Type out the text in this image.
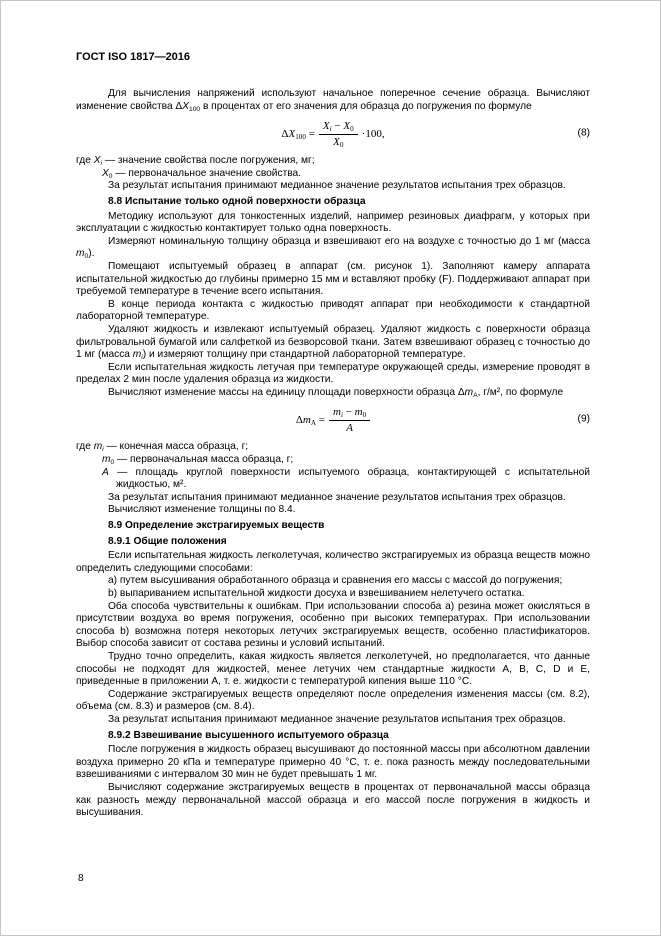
ГОСТ ISO 1817—2016

Для вычисления напряжений используют начальное поперечное сечение образца. Вычисляют изменение свойства $\Delta X_{100}$ в процентах от его значения для образца до погружения по формуле

$\Delta X_{100} = \frac{X_i - X_0}{X_0} \cdot 100$,	(8)
где $X_i$ — значение свойства после погружения, мг;
$X_0$ — первоначальное значение свойства.

За результат испытания принимают медианное значение результатов испытания трех образцов.

8.8 Испытание только одной поверхности образца

Методику используют для тонкостенных изделий, например резиновых диафрагм, у которых при эксплуатации с жидкостью контактирует только одна поверхность.

Измеряют номинальную толщину образца и взвешивают его на воздухе с точностью до 1 мг (масса $m_0$).

Помещают испытуемый образец в аппарат (см. рисунок 1). Заполняют камеру аппарата испытательной жидкостью до глубины примерно 15 мм и вставляют пробку (F). Поддерживают аппарат при требуемой температуре в течение всего испытания.

В конце периода контакта с жидкостью приводят аппарат при необходимости к стандартной лабораторной температуре.

Удаляют жидкость и извлекают испытуемый образец. Удаляют жидкость с поверхности образца фильтровальной бумагой или салфеткой из безворсовой ткани. Затем взвешивают образец с точностью до 1 мг (масса $m_i$) и измеряют толщину при стандартной лабораторной температуре.

Если испытательная жидкость летучая при температуре окружающей среды, измерение проводят в пределах 2 мин после удаления образца из жидкости.

Вычисляют изменение массы на единицу площади поверхности образца $\Delta m_A$, г/м², по формуле

$\Delta m_A = \frac{m_i - m_0}{A}$	(9)
где $m_i$ — конечная масса образца, г;
$m_0$ — первоначальная масса образца, г;
A — площадь круглой поверхности испытуемого образца, контактирующей с испытательной жидкостью, м².

За результат испытания принимают медианное значение результатов испытания трех образцов.

Вычисляют изменение толщины по 8.4.

8.9 Определение экстрагируемых веществ

8.9.1 Общие положения

Если испытательная жидкость легколетучая, количество экстрагируемых из образца веществ можно определить следующими способами:

a) путем высушивания обработанного образца и сравнения его массы с массой до погружения;

b) выпариванием испытательной жидкости досуха и взвешиванием нелетучего остатка.

Оба способа чувствительны к ошибкам. При использовании способа a) резина может окисляться в присутствии воздуха во время погружения, особенно при высоких температурах. При использовании способа b) возможна потеря некоторых летучих экстрагируемых веществ, особенно пластификаторов. Выбор способа зависит от состава резины и условий испытаний.

Трудно точно определить, какая жидкость является легколетучей, но предполагается, что данные способы не подходят для жидкостей, менее летучих чем стандартные жидкости A, B, C, D и E, приведенные в приложении А, т. е. жидкости с температурой кипения выше 110 °С.

Содержание экстрагируемых веществ определяют после определения изменения массы (см. 8.2), объема (см. 8.3) и размеров (см. 8.4).

За результат испытания принимают медианное значение результатов испытания трех образцов.

8.9.2 Взвешивание высушенного испытуемого образца

После погружения в жидкость образец высушивают до постоянной массы при абсолютном давлении воздуха примерно 20 кПа и температуре примерно 40 °С, т. е. пока разность между последовательными взвешиваниями с интервалом 30 мин не будет превышать 1 мг.

Вычисляют содержание экстрагируемых веществ в процентах от первоначальной массы образца как разность между первоначальной массой образца и его массой после погружения в жидкость и высушивания.

8
